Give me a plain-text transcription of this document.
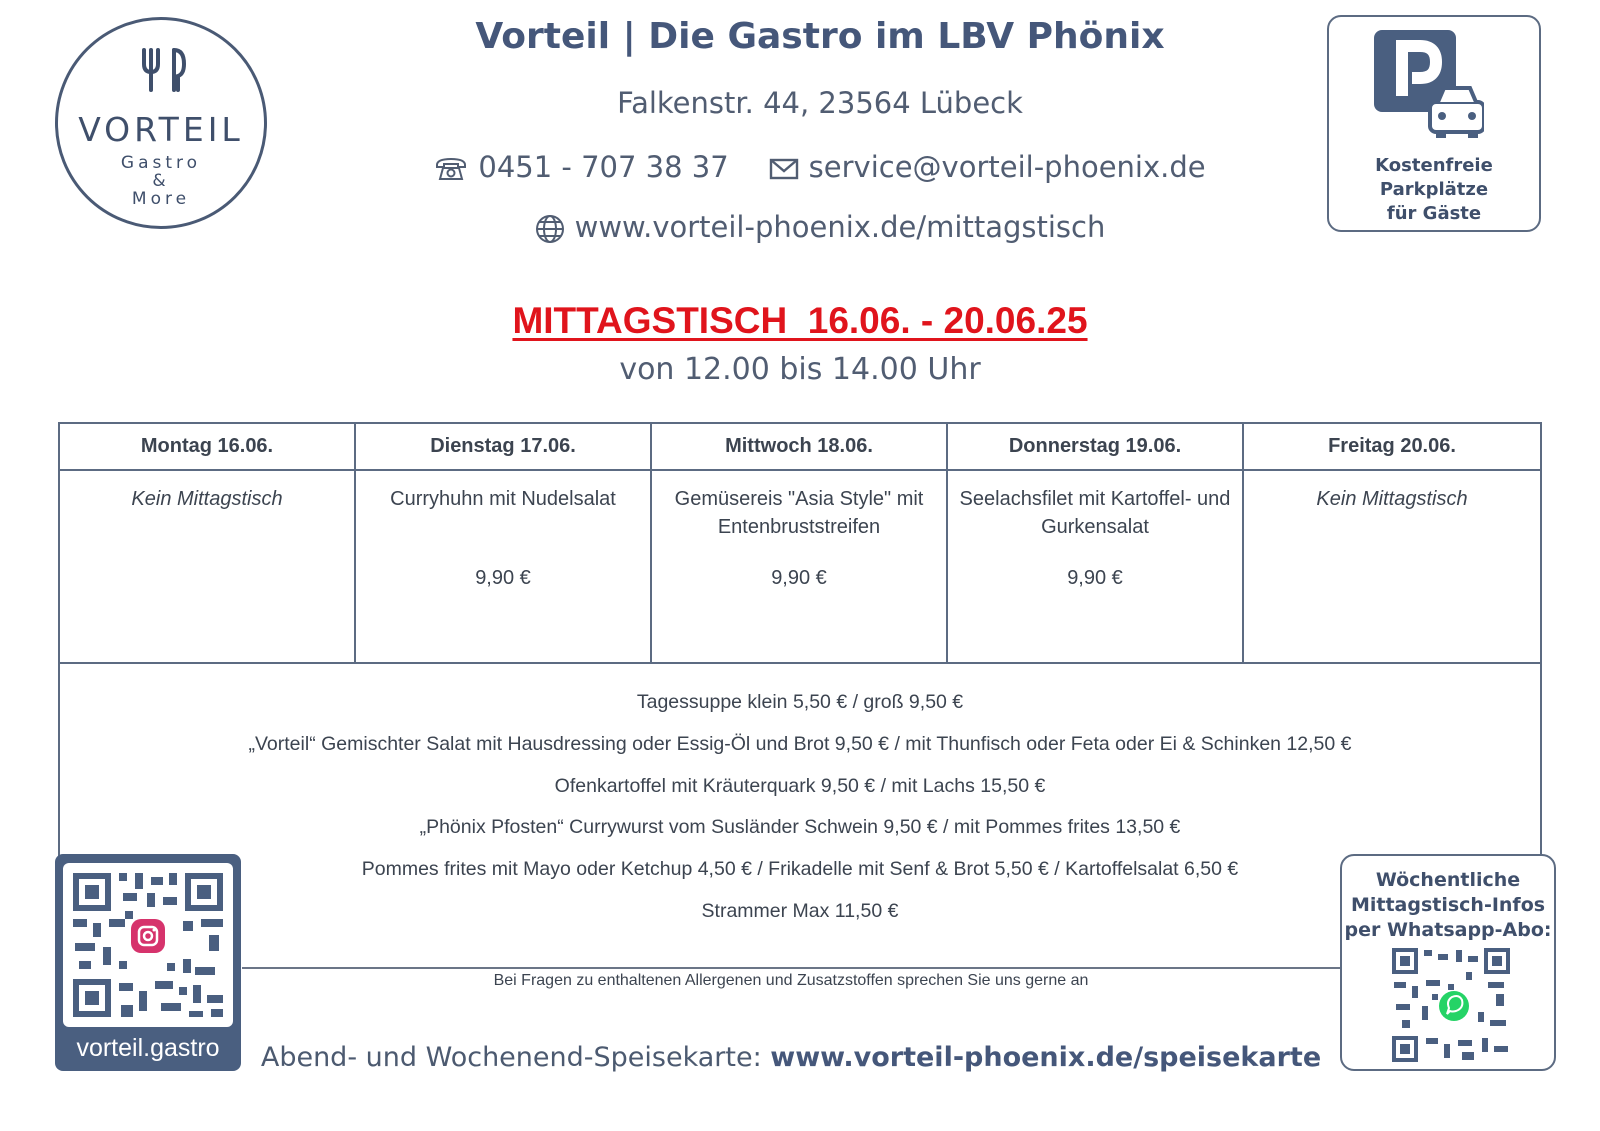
VORTEIL
Gastro
&
More
Vorteil | Die Gastro im LBV Phönix
Falkenstr. 44, 23564 Lübeck
0451 - 707 38 37	service@vorteil-phoenix.de
www.vorteil-phoenix.de/mittagstisch
Kostenfreie
Parkplätze
für Gäste
MITTAGSTISCH  16.06. - 20.06.25
von 12.00 bis 14.00 Uhr
Montag 16.06.
Kein Mittagstisch
Dienstag 17.06.
Curryhuhn mit Nudelsalat
9,90 €
Mittwoch 18.06.
Gemüsereis "Asia Style" mit Entenbruststreifen
9,90 €
Donnerstag 19.06.
Seelachsfilet mit Kartoffel- und Gurkensalat
9,90 €
Freitag 20.06.
Kein Mittagstisch
Tagessuppe klein 5,50 € / groß 9,50 €
„Vorteil“ Gemischter Salat mit Hausdressing oder Essig-Öl und Brot 9,50 € / mit Thunfisch oder Feta oder Ei & Schinken 12,50 €
Ofenkartoffel mit Kräuterquark 9,50 € / mit Lachs 15,50 €
„Phönix Pfosten“ Currywurst vom Susländer Schwein 9,50 € / mit Pommes frites 13,50 €
Pommes frites mit Mayo oder Ketchup 4,50 € / Frikadelle mit Senf & Brot 5,50 € / Kartoffelsalat 6,50 €
Strammer Max 11,50 €
Bei Fragen zu enthaltenen Allergenen und Zusatzstoffen sprechen Sie uns gerne an
Abend- und Wochenend-Speisekarte: www.vorteil-phoenix.de/speisekarte
vorteil.gastro
Wöchentliche
Mittagstisch-Infos
per Whatsapp-Abo:
